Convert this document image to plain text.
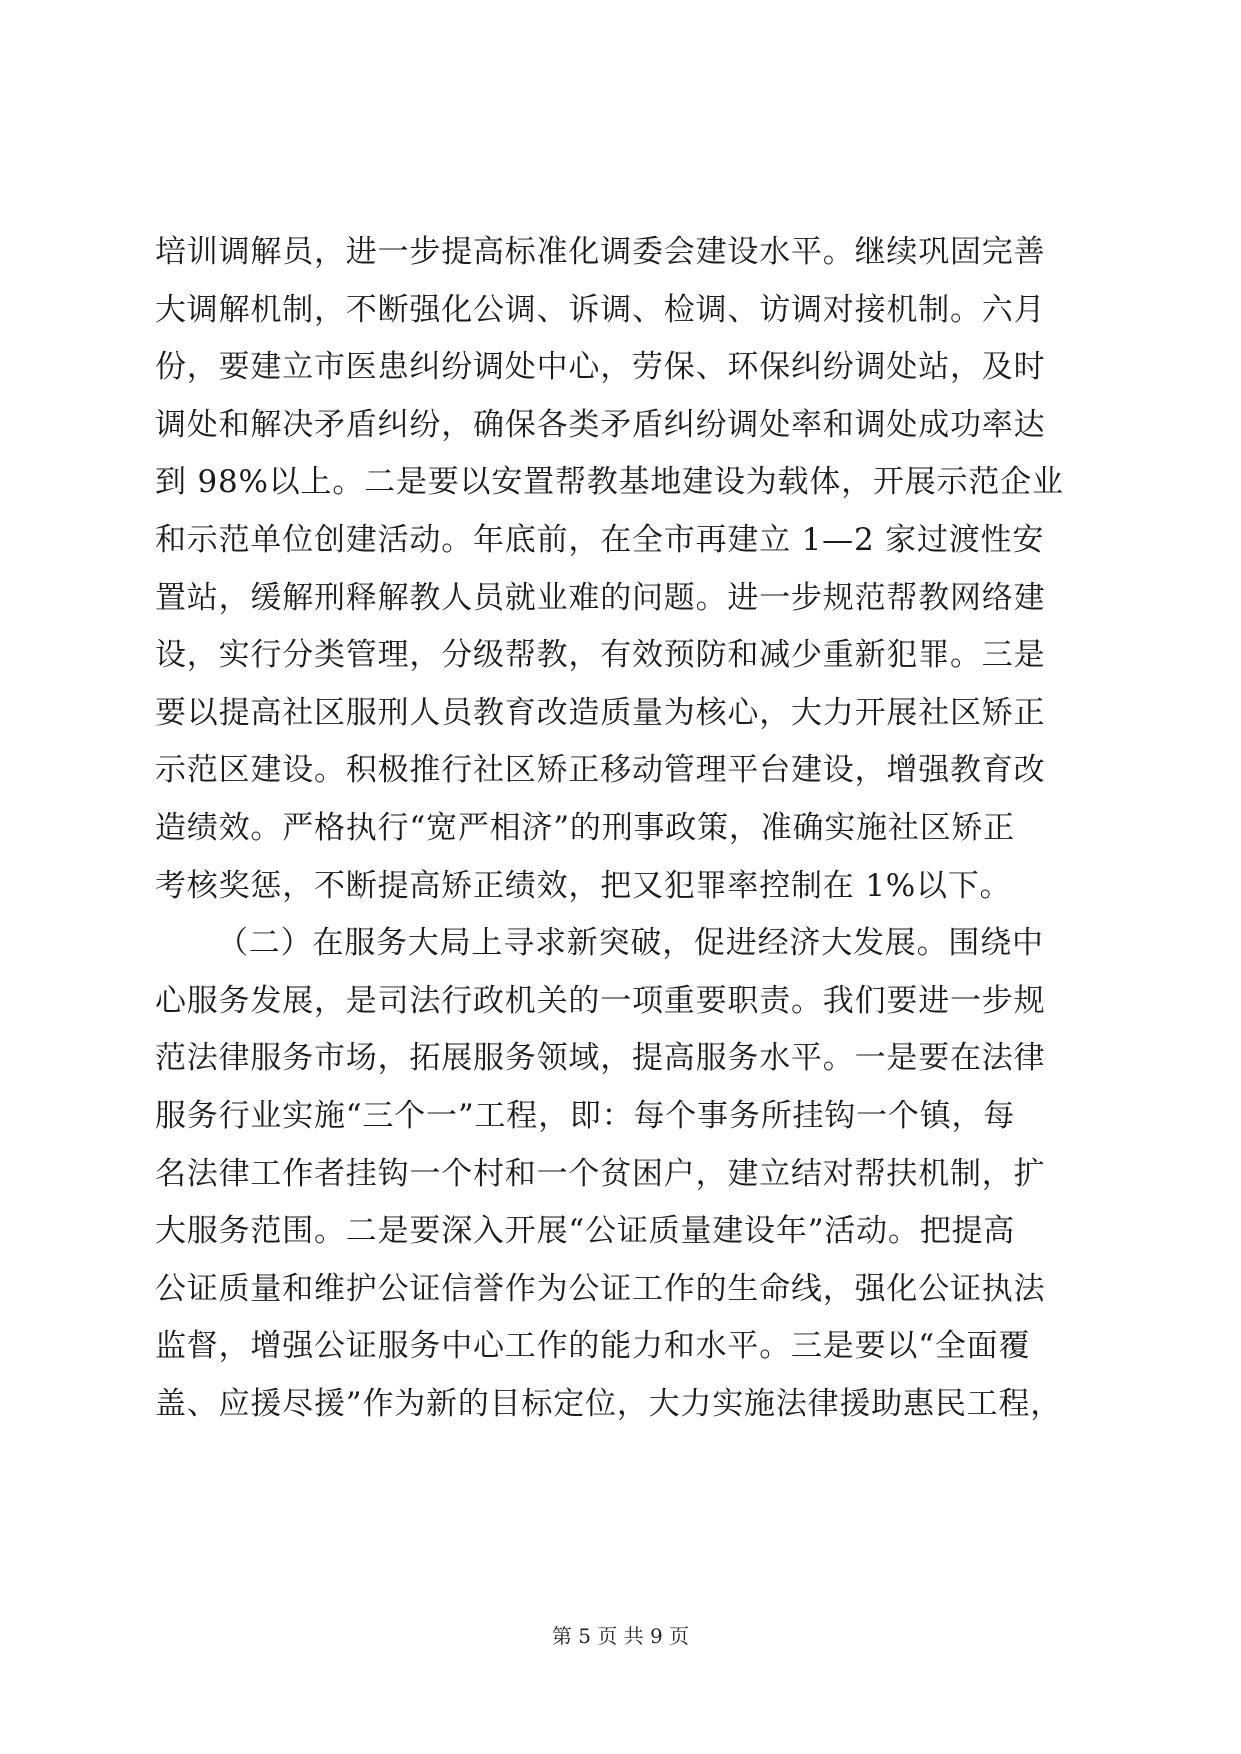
培训调解员，进一步提高标准化调委会建设水平。继续巩固完善
大调解机制，不断强化公调、诉调、检调、访调对接机制。六月
份，要建立市医患纠纷调处中心，劳保、环保纠纷调处站，及时
调处和解决矛盾纠纷，确保各类矛盾纠纷调处率和调处成功率达
到 98%以上。二是要以安置帮教基地建设为载体，开展示范企业
和示范单位创建活动。年底前，在全市再建立 1—2 家过渡性安
置站，缓解刑释解教人员就业难的问题。进一步规范帮教网络建
设，实行分类管理，分级帮教，有效预防和减少重新犯罪。三是
要以提高社区服刑人员教育改造质量为核心，大力开展社区矫正
示范区建设。积极推行社区矫正移动管理平台建设，增强教育改
造绩效。严格执行“宽严相济”的刑事政策，准确实施社区矫正
考核奖惩，不断提高矫正绩效，把又犯罪率控制在 1%以下。
（二）在服务大局上寻求新突破，促进经济大发展。围绕中
心服务发展，是司法行政机关的一项重要职责。我们要进一步规
范法律服务市场，拓展服务领域，提高服务水平。一是要在法律
服务行业实施“三个一”工程，即：每个事务所挂钩一个镇，每
名法律工作者挂钩一个村和一个贫困户，建立结对帮扶机制，扩
大服务范围。二是要深入开展“公证质量建设年”活动。把提高
公证质量和维护公证信誉作为公证工作的生命线，强化公证执法
监督，增强公证服务中心工作的能力和水平。三是要以“全面覆
盖、应援尽援”作为新的目标定位，大力实施法律援助惠民工程，
第 5 页 共 9 页
